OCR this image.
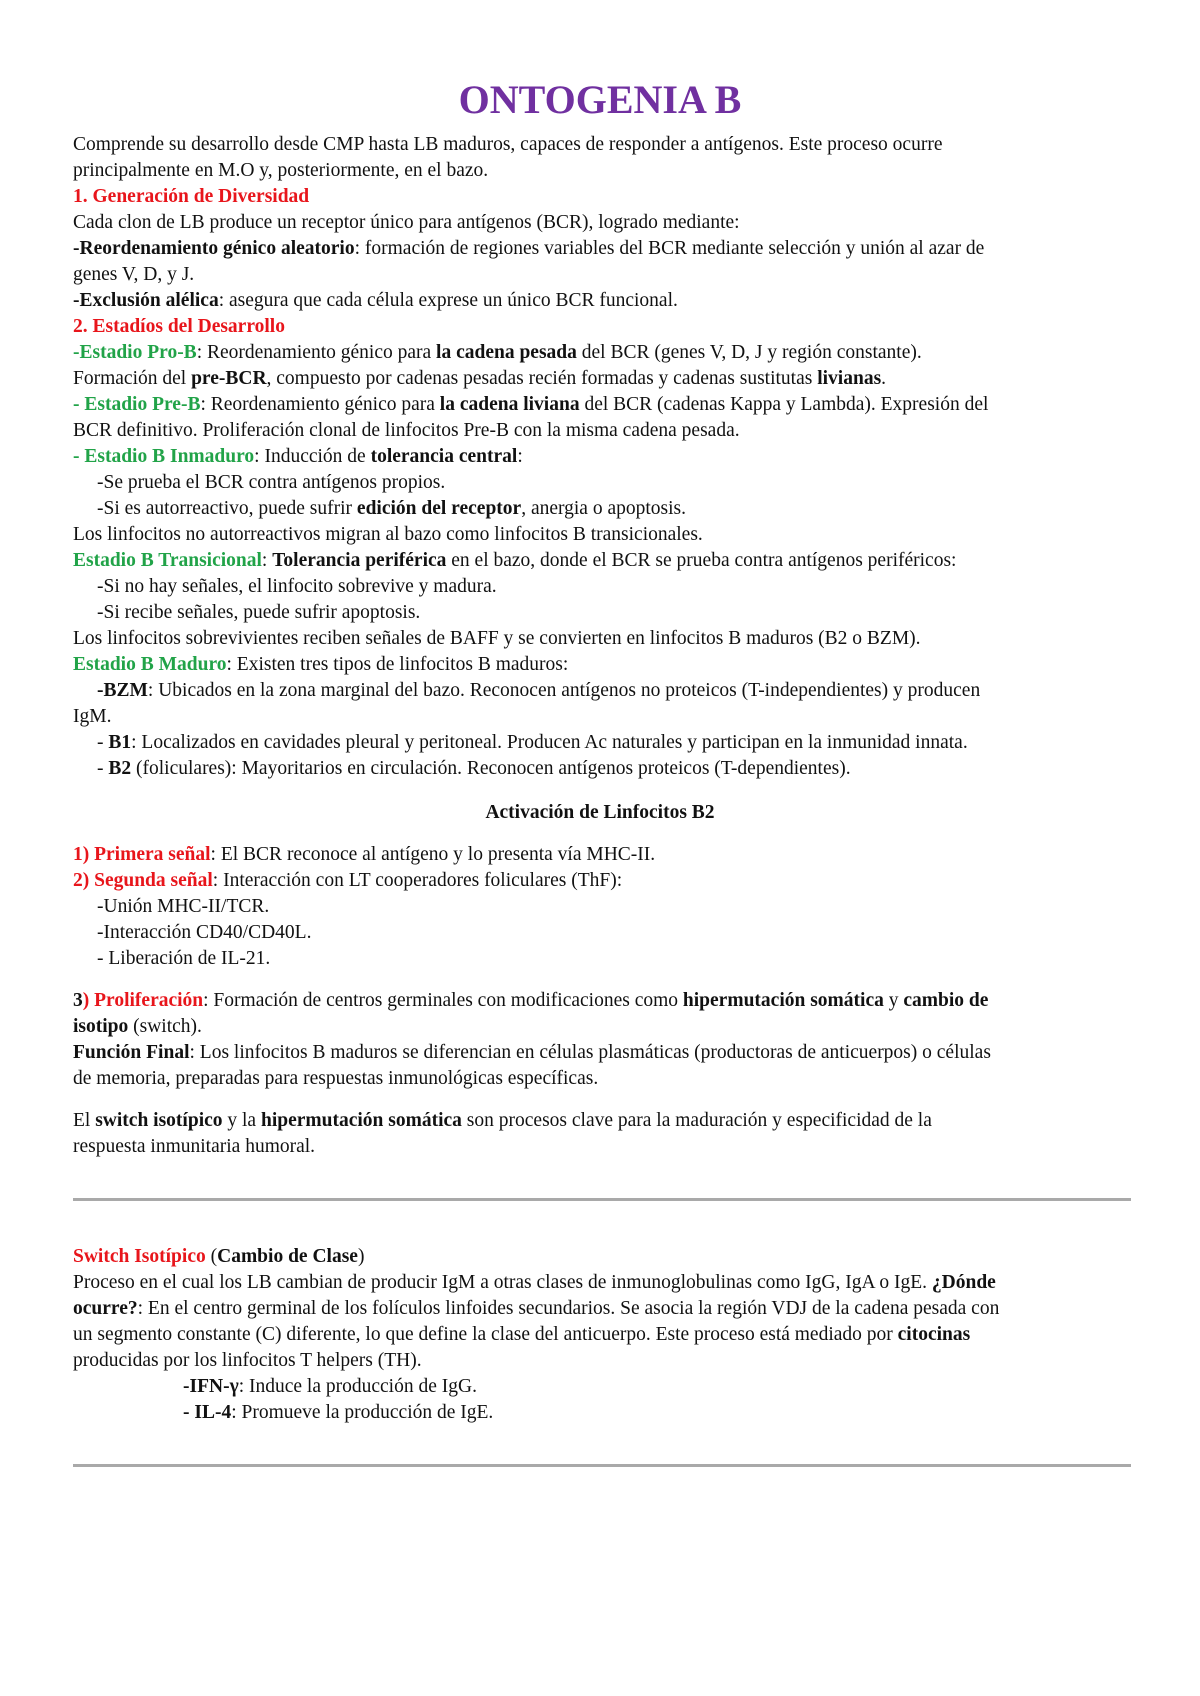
ONTOGENIA B
Comprende su desarrollo desde CMP hasta LB maduros, capaces de responder a antígenos. Este proceso ocurre
principalmente en M.O y, posteriormente, en el bazo.
1. Generación de Diversidad
Cada clon de LB produce un receptor único para antígenos (BCR), logrado mediante:
-Reordenamiento génico aleatorio: formación de regiones variables del BCR mediante selección y unión al azar de
genes V, D, y J.
-Exclusión alélica: asegura que cada célula exprese un único BCR funcional.
2. Estadíos del Desarrollo
-Estadio Pro-B: Reordenamiento génico para la cadena pesada del BCR (genes V, D, J y región constante).
Formación del pre-BCR, compuesto por cadenas pesadas recién formadas y cadenas sustitutas livianas.
- Estadio Pre-B: Reordenamiento génico para la cadena liviana del BCR (cadenas Kappa y Lambda). Expresión del
BCR definitivo. Proliferación clonal de linfocitos Pre-B con la misma cadena pesada.
- Estadio B Inmaduro: Inducción de tolerancia central:
-Se prueba el BCR contra antígenos propios.
-Si es autorreactivo, puede sufrir edición del receptor, anergia o apoptosis.
Los linfocitos no autorreactivos migran al bazo como linfocitos B transicionales.
Estadio B Transicional: Tolerancia periférica en el bazo, donde el BCR se prueba contra antígenos periféricos:
-Si no hay señales, el linfocito sobrevive y madura.
-Si recibe señales, puede sufrir apoptosis.
Los linfocitos sobrevivientes reciben señales de BAFF y se convierten en linfocitos B maduros (B2 o BZM).
Estadio B Maduro: Existen tres tipos de linfocitos B maduros:
-BZM: Ubicados en la zona marginal del bazo. Reconocen antígenos no proteicos (T-independientes) y producen
IgM.
- B1: Localizados en cavidades pleural y peritoneal. Producen Ac naturales y participan en la inmunidad innata.
- B2 (foliculares): Mayoritarios en circulación. Reconocen antígenos proteicos (T-dependientes).
Activación de Linfocitos B2
1) Primera señal: El BCR reconoce al antígeno y lo presenta vía MHC-II.
2) Segunda señal: Interacción con LT cooperadores foliculares (ThF):
-Unión MHC-II/TCR.
-Interacción CD40/CD40L.
- Liberación de IL-21.
3) Proliferación: Formación de centros germinales con modificaciones como hipermutación somática y cambio de
isotipo (switch).
Función Final: Los linfocitos B maduros se diferencian en células plasmáticas (productoras de anticuerpos) o células
de memoria, preparadas para respuestas inmunológicas específicas.
El switch isotípico y la hipermutación somática son procesos clave para la maduración y especificidad de la
respuesta inmunitaria humoral.
Switch Isotípico (Cambio de Clase)
Proceso en el cual los LB cambian de producir IgM a otras clases de inmunoglobulinas como IgG, IgA o IgE. ¿Dónde
ocurre?: En el centro germinal de los folículos linfoides secundarios. Se asocia la región VDJ de la cadena pesada con
un segmento constante (C) diferente, lo que define la clase del anticuerpo. Este proceso está mediado por citocinas
producidas por los linfocitos T helpers (TH).
-IFN-γ: Induce la producción de IgG.
- IL-4: Promueve la producción de IgE.
